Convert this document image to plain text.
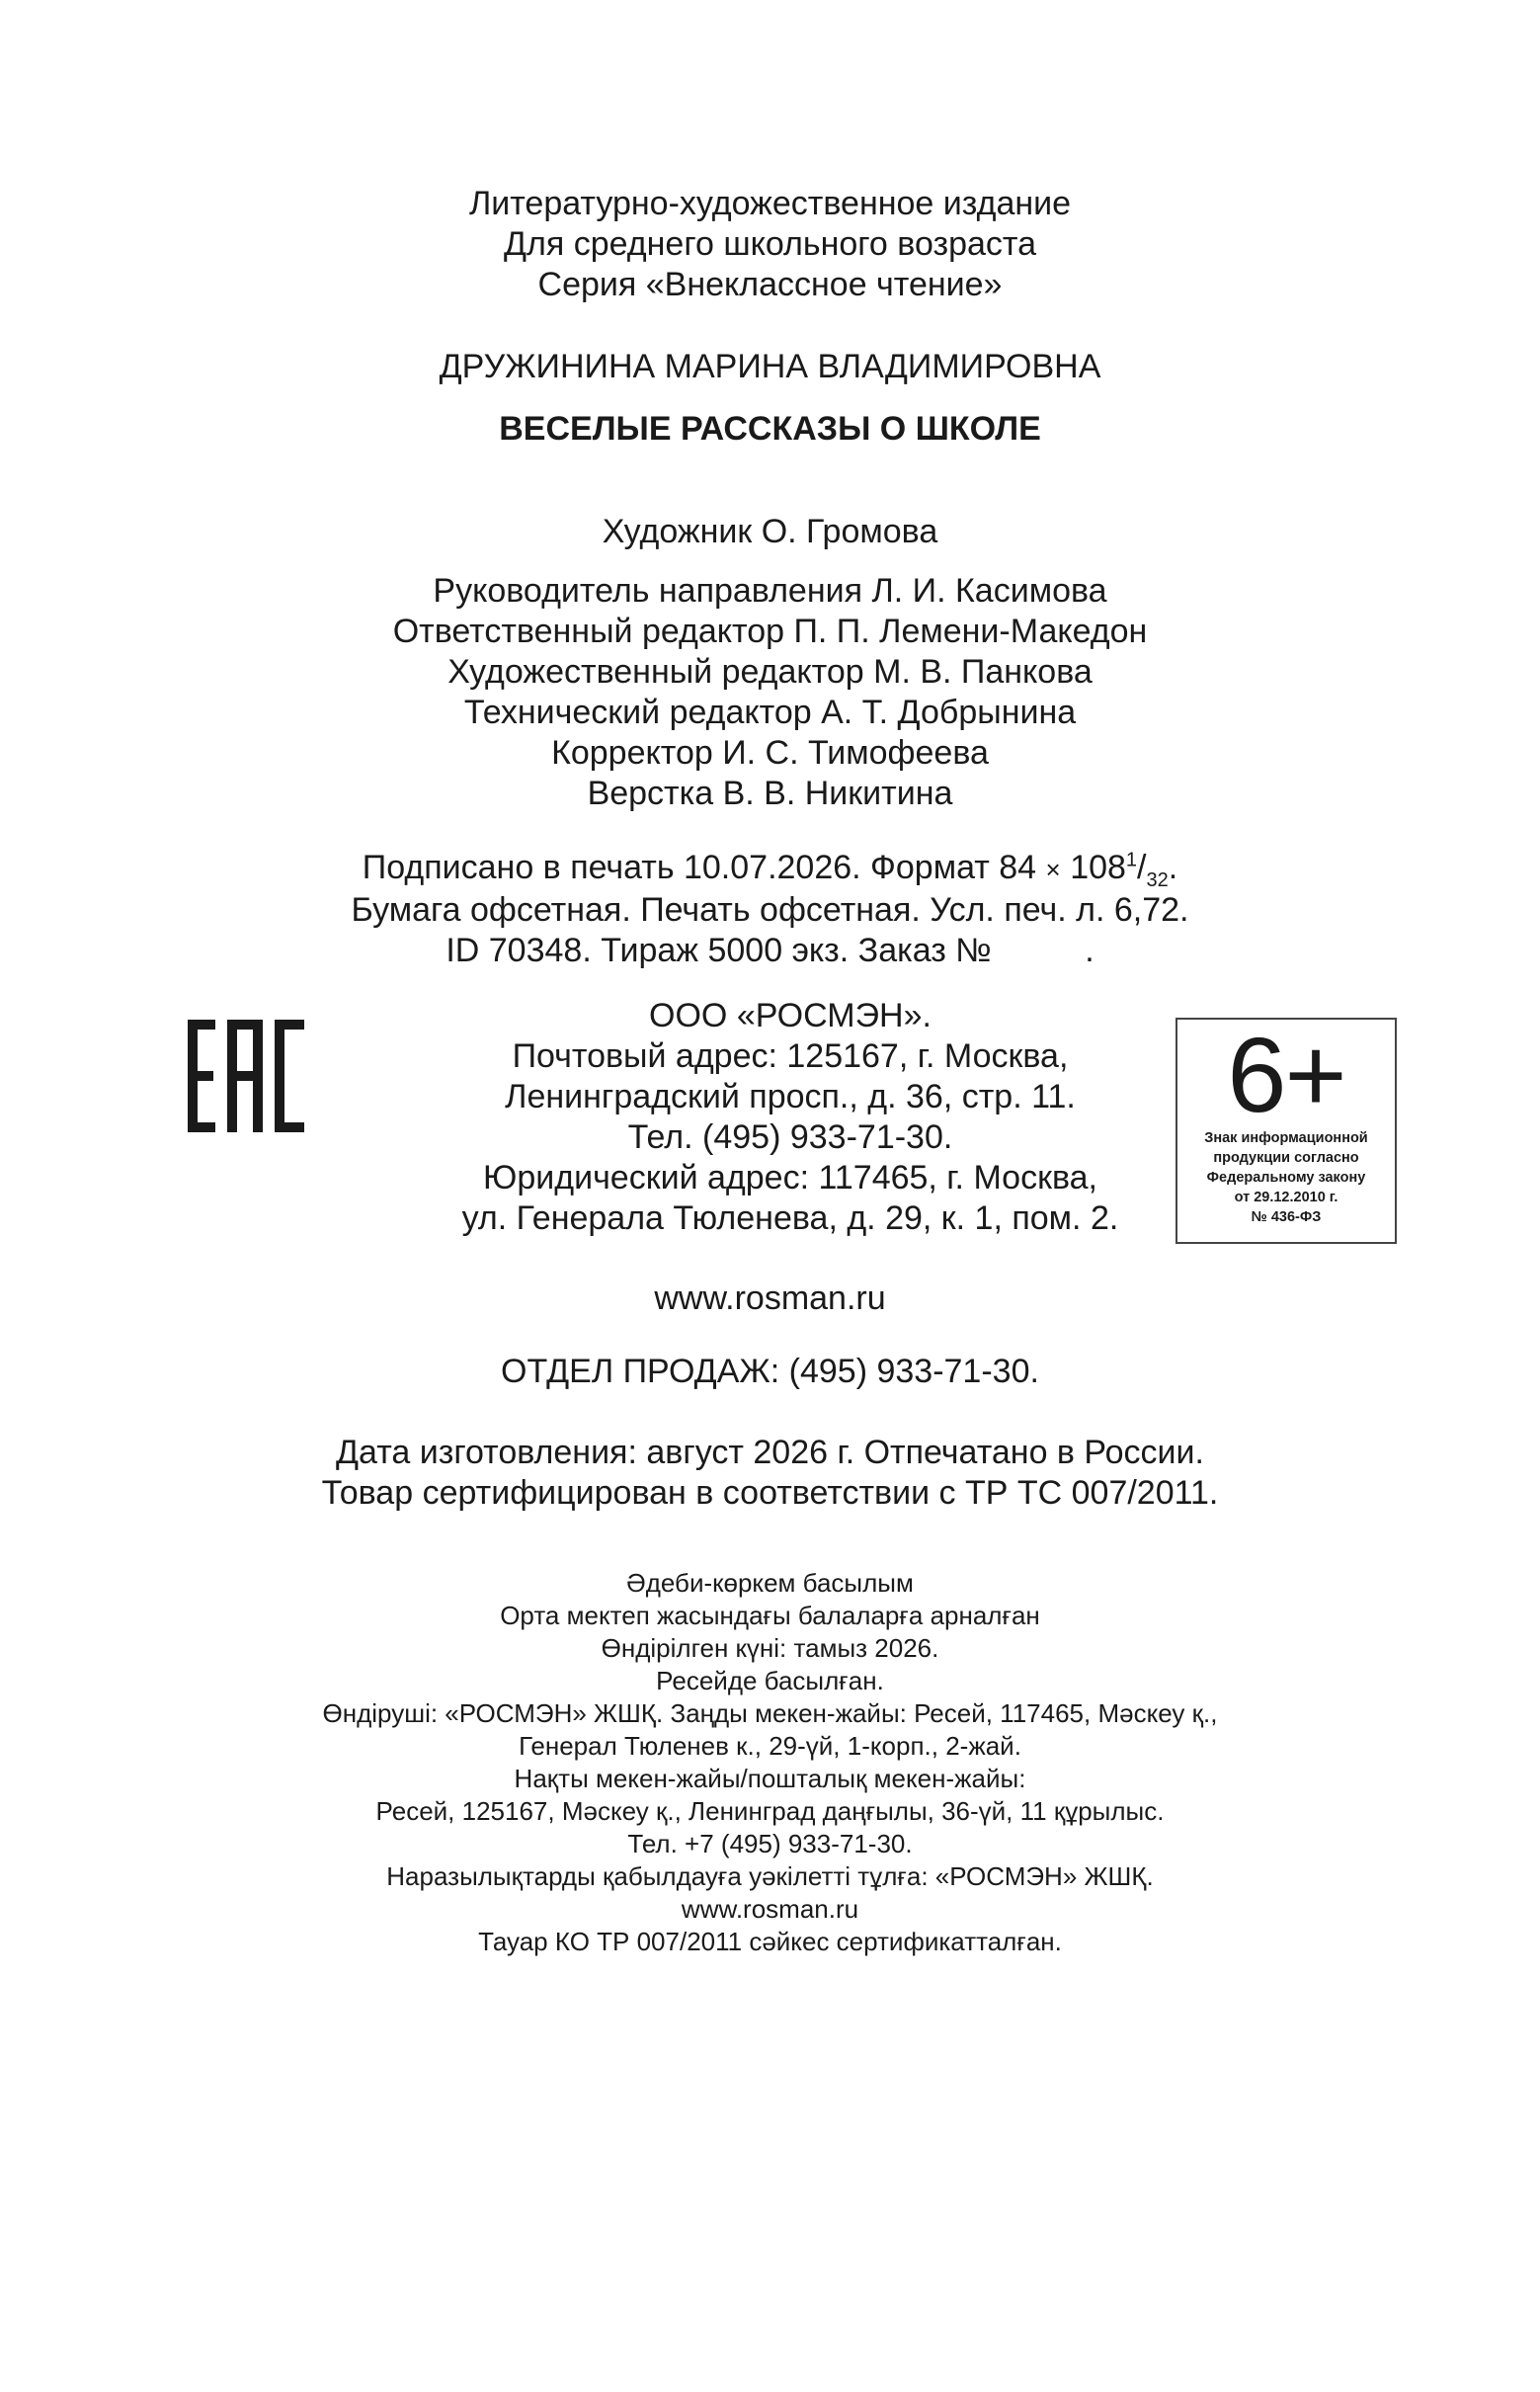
Литературно-художественное издание
Для среднего школьного возраста
Серия «Внеклассное чтение»
ДРУЖИНИНА МАРИНА ВЛАДИМИРОВНА
ВЕСЕЛЫЕ РАССКАЗЫ О ШКОЛЕ
Художник О. Громова
Руководитель направления Л. И. Касимова
Ответственный редактор П. П. Лемени-Македон
Художественный редактор М. В. Панкова
Технический редактор А. Т. Добрынина
Корректор И. С. Тимофеева
Верстка В. В. Никитина
Подписано в печать 10.07.2026. Формат $84 \times 108^1/_{32}$.
Бумага офсетная. Печать офсетная. Усл. печ. л. 6,72.
ID 70348. Тираж 5000 экз. Заказ №          .
ООО «РОСМЭН».
Почтовый адрес: 125167, г. Москва,
Ленинградский просп., д. 36, стр. 11.
Тел. (495) 933-71-30.
Юридический адрес: 117465, г. Москва,
ул. Генерала Тюленева, д. 29, к. 1, пом. 2.
6+
Знак информационной
продукции согласно
Федеральному закону
от 29.12.2010 г.
№ 436-ФЗ
www.rosman.ru
ОТДЕЛ ПРОДАЖ: (495) 933-71-30.
Дата изготовления: август 2026 г. Отпечатано в России.
Товар сертифицирован в соответствии с ТР ТС 007/2011.
Әдеби-көркем басылым
Орта мектеп жасындағы балаларға арналған
Өндірілген күні: тамыз 2026.
Ресейде басылған.
Өндіруші: «РОСМЭН» ЖШҚ. Заңды мекен-жайы: Ресей, 117465, Мәскеу қ.,
Генерал Тюленев к., 29-үй, 1-корп., 2-жай.
Нақты мекен-жайы/пошталық мекен-жайы:
Ресей, 125167, Мәскеу қ., Ленинград даңғылы, 36-үй, 11 құрылыс.
Тел. +7 (495) 933-71-30.
Наразылықтарды қабылдауға уәкілетті тұлға: «РОСМЭН» ЖШҚ.
www.rosman.ru
Тауар КО ТР 007/2011 сәйкес сертификатталған.
